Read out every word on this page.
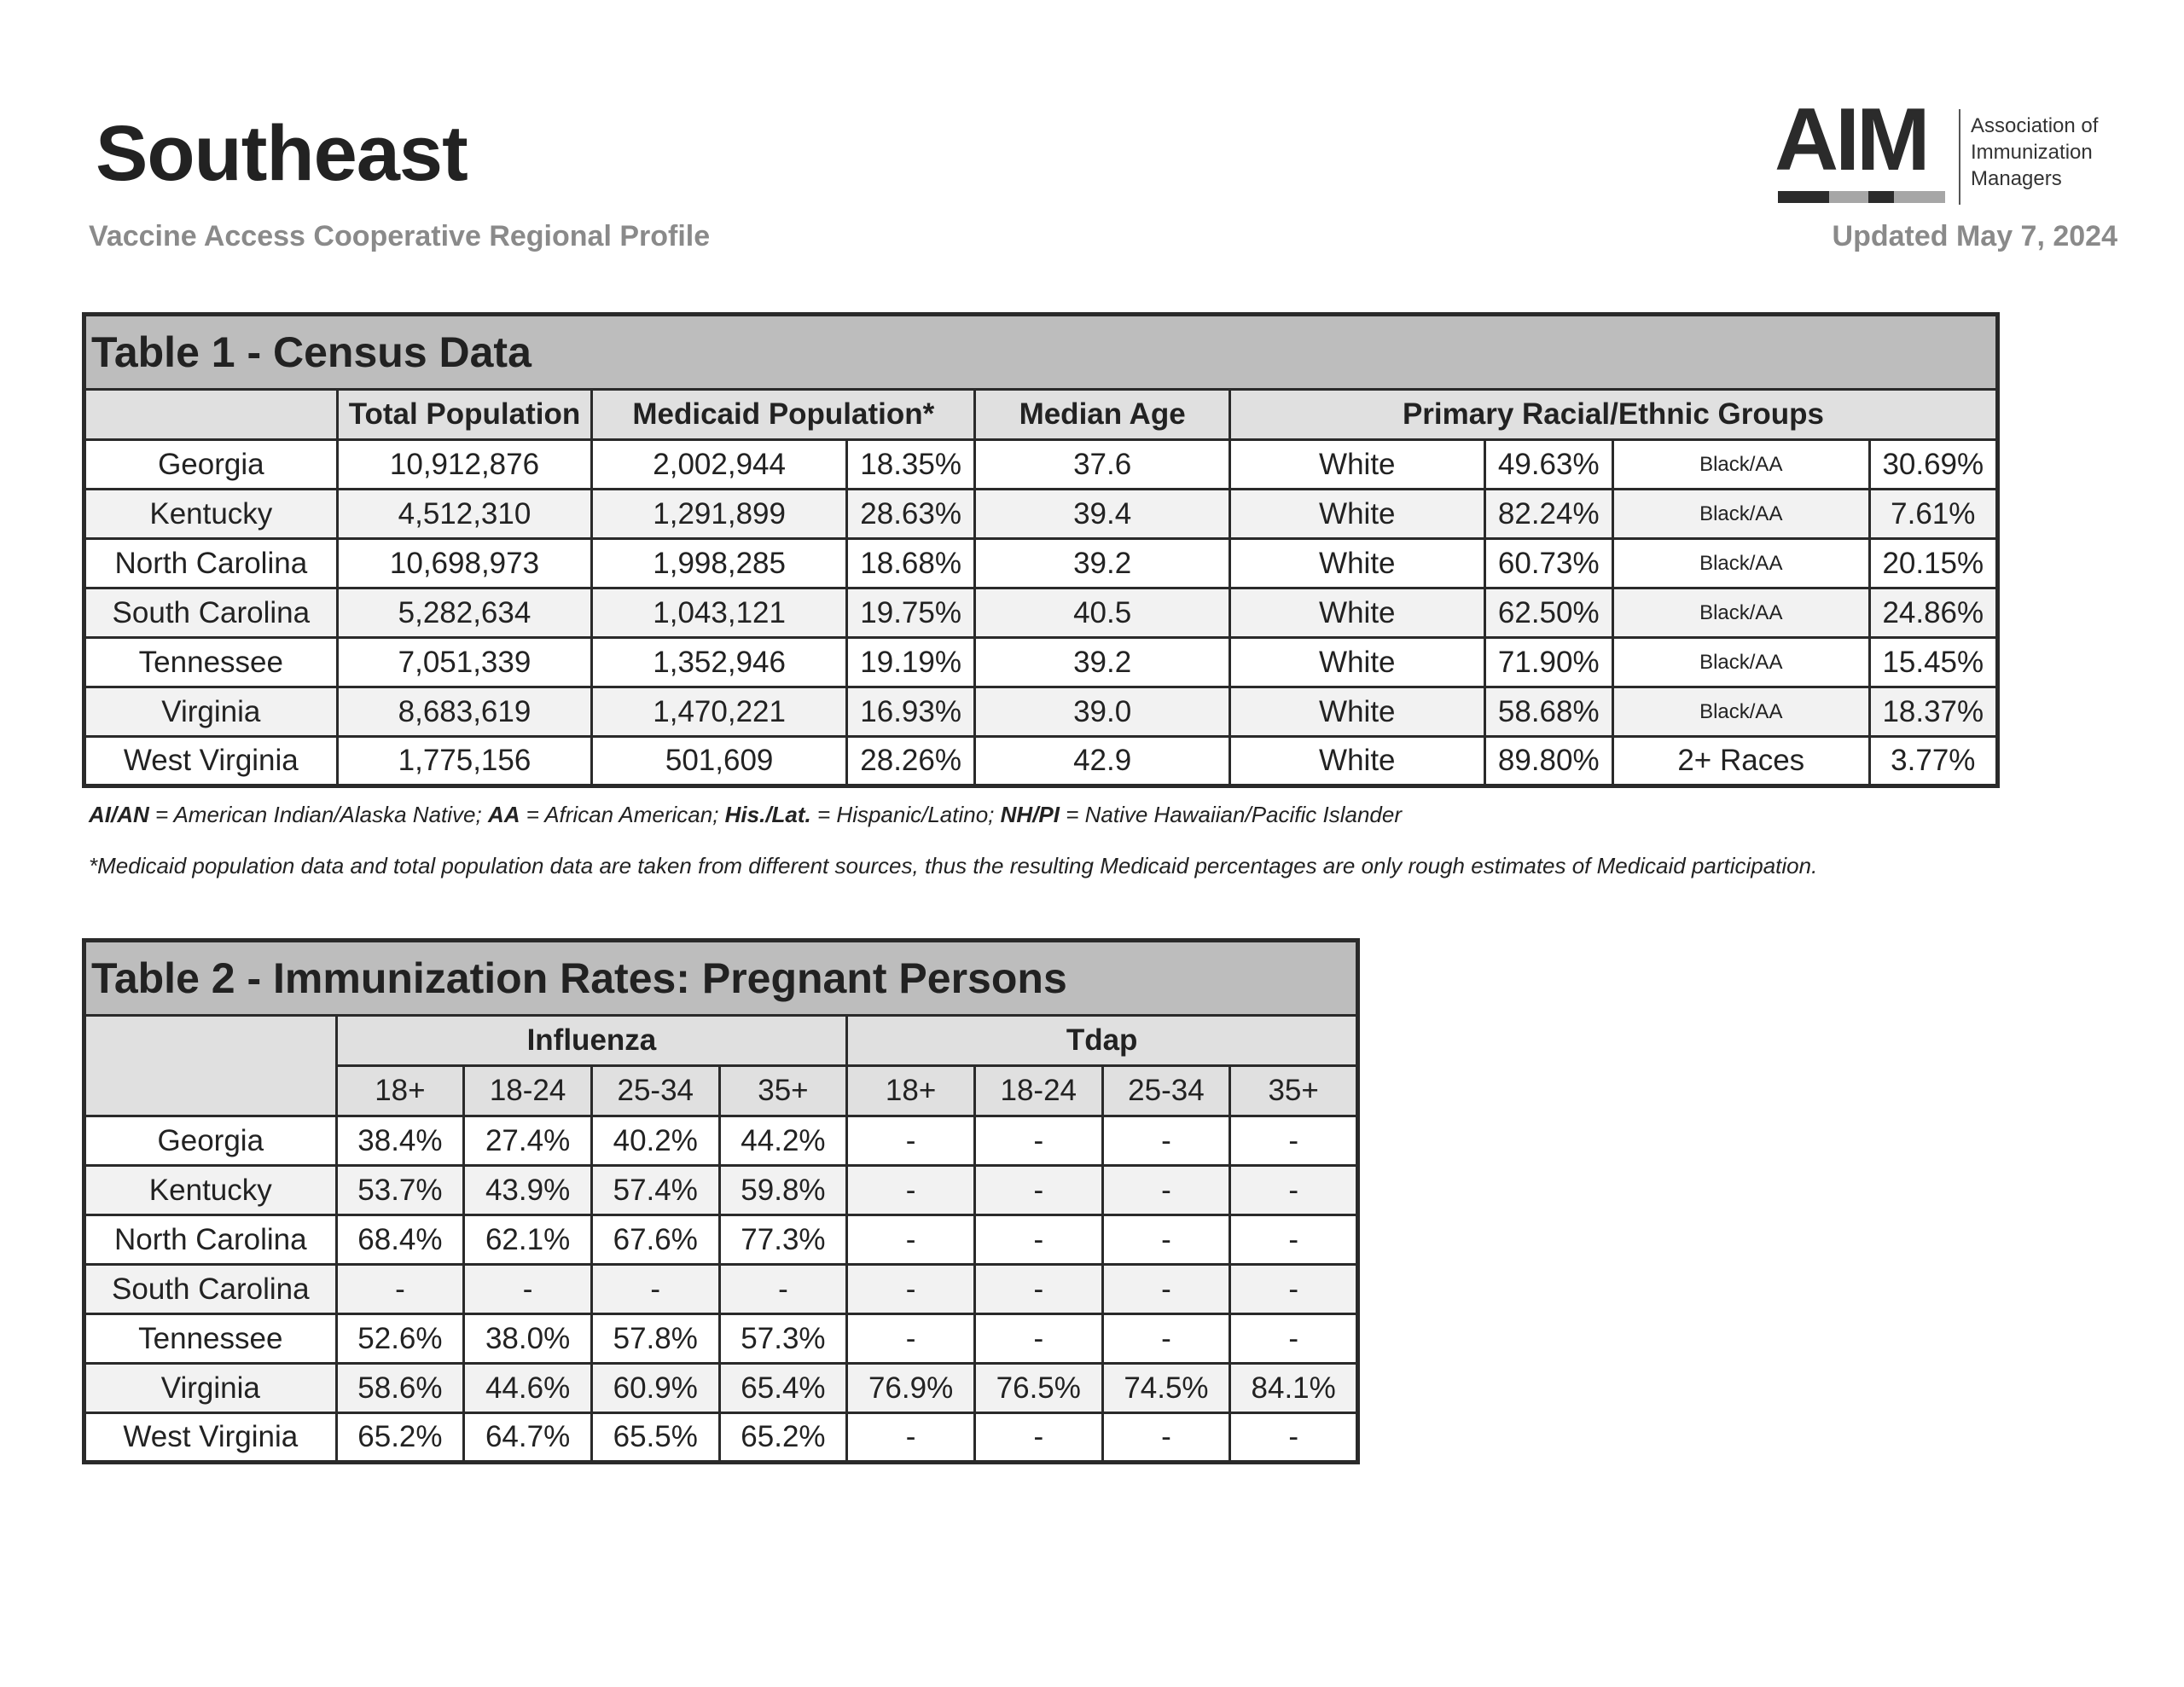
Southeast
Vaccine Access Cooperative Regional Profile	Updated May 7, 2024
AIM Association of
Immunization
Managers
Table 1 - Census Data								
	Total Population	Medicaid Population*		Median Age	Primary Racial/Ethnic Groups			
Georgia	10,912,876	2,002,944	18.35%	37.6	White	49.63%	Black/AA	30.69%
Kentucky	4,512,310	1,291,899	28.63%	39.4	White	82.24%	Black/AA	7.61%
North Carolina	10,698,973	1,998,285	18.68%	39.2	White	60.73%	Black/AA	20.15%
South Carolina	5,282,634	1,043,121	19.75%	40.5	White	62.50%	Black/AA	24.86%
Tennessee	7,051,339	1,352,946	19.19%	39.2	White	71.90%	Black/AA	15.45%
Virginia	8,683,619	1,470,221	16.93%	39.0	White	58.68%	Black/AA	18.37%
West Virginia	1,775,156	501,609	28.26%	42.9	White	89.80%	2+ Races	3.77%
AI/AN = American Indian/Alaska Native; AA = African American; His./Lat. = Hispanic/Latino; NH/PI = Native Hawaiian/Pacific Islander
*Medicaid population data and total population data are taken from different sources, thus the resulting Medicaid percentages are only rough estimates of Medicaid participation.
Table 2 - Immunization Rates: Pregnant Persons								
	Influenza				Tdap			
	18+	18-24	25-34	35+	18+	18-24	25-34	35+
Georgia	38.4%	27.4%	40.2%	44.2%	-	-	-	-
Kentucky	53.7%	43.9%	57.4%	59.8%	-	-	-	-
North Carolina	68.4%	62.1%	67.6%	77.3%	-	-	-	-
South Carolina	-	-	-	-	-	-	-	-
Tennessee	52.6%	38.0%	57.8%	57.3%	-	-	-	-
Virginia	58.6%	44.6%	60.9%	65.4%	76.9%	76.5%	74.5%	84.1%
West Virginia	65.2%	64.7%	65.5%	65.2%	-	-	-	-
